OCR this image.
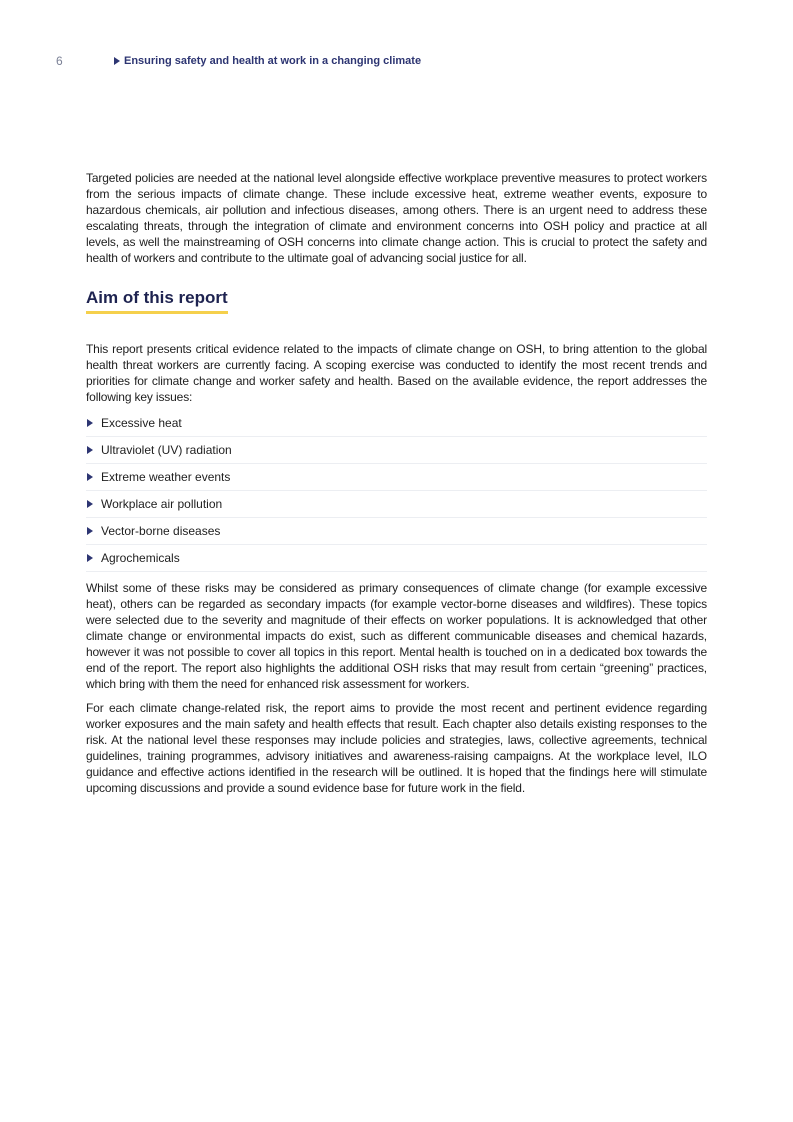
6	Ensuring safety and health at work in a changing climate

Targeted policies are needed at the national level alongside effective workplace preventive measures to protect workers from the serious impacts of climate change. These include excessive heat, extreme weather events, exposure to hazardous chemicals, air pollution and infectious diseases, among others. There is an urgent need to address these escalating threats, through the integration of climate and environment concerns into OSH policy and practice at all levels, as well the mainstreaming of OSH concerns into climate change action. This is crucial to protect the safety and health of workers and contribute to the ultimate goal of advancing social justice for all.

Aim of this report

This report presents critical evidence related to the impacts of climate change on OSH, to bring attention to the global health threat workers are currently facing. A scoping exercise was conducted to identify the most recent trends and priorities for climate change and worker safety and health. Based on the available evidence, the report addresses the following key issues:

Excessive heat
Ultraviolet (UV) radiation
Extreme weather events
Workplace air pollution
Vector-borne diseases
Agrochemicals

Whilst some of these risks may be considered as primary consequences of climate change (for example excessive heat), others can be regarded as secondary impacts (for example vector-borne diseases and wildfires). These topics were selected due to the severity and magnitude of their effects on worker populations. It is acknowledged that other climate change or environmental impacts do exist, such as different communicable diseases and chemical hazards, however it was not possible to cover all topics in this report. Mental health is touched on in a dedicated box towards the end of the report. The report also highlights the additional OSH risks that may result from certain “greening” practices, which bring with them the need for enhanced risk assessment for workers.

For each climate change-related risk, the report aims to provide the most recent and pertinent evidence regarding worker exposures and the main safety and health effects that result. Each chapter also details existing responses to the risk. At the national level these responses may include policies and strategies, laws, collective agreements, technical guidelines, training programmes, advisory initiatives and awareness-raising campaigns. At the workplace level, ILO guidance and effective actions identified in the research will be outlined. It is hoped that the findings here will stimulate upcoming discussions and provide a sound evidence base for future work in the field.
